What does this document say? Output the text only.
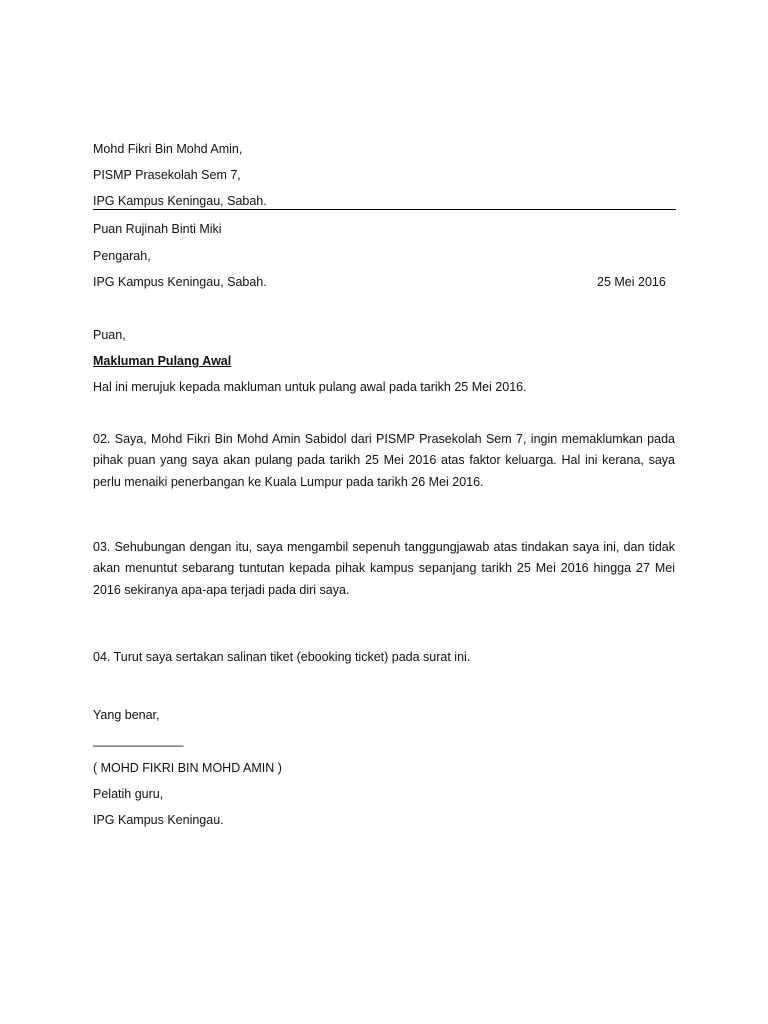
Mohd Fikri Bin Mohd Amin,
PISMP Prasekolah Sem 7,
IPG Kampus Keningau, Sabah.
Puan Rujinah Binti Miki
Pengarah,
IPG Kampus Keningau, Sabah.	25 Mei 2016
Puan,
Makluman Pulang Awal
Hal ini merujuk kepada makluman untuk pulang awal pada tarikh 25 Mei 2016.
02. Saya, Mohd Fikri Bin Mohd Amin Sabidol dari PISMP Prasekolah Sem 7, ingin memaklumkan pada pihak puan yang saya akan pulang pada tarikh 25 Mei 2016 atas faktor keluarga. Hal ini kerana, saya perlu menaiki penerbangan ke Kuala Lumpur pada tarikh 26 Mei 2016.
03. Sehubungan dengan itu, saya mengambil sepenuh tanggungjawab atas tindakan saya ini, dan tidak akan menuntut sebarang tuntutan kepada pihak kampus sepanjang tarikh 25 Mei 2016 hingga 27 Mei 2016 sekiranya apa-apa terjadi pada diri saya.
04. Turut saya sertakan salinan tiket (ebooking ticket) pada surat ini.
Yang benar,
_____________
( MOHD FIKRI BIN MOHD AMIN )
Pelatih guru,
IPG Kampus Keningau.
